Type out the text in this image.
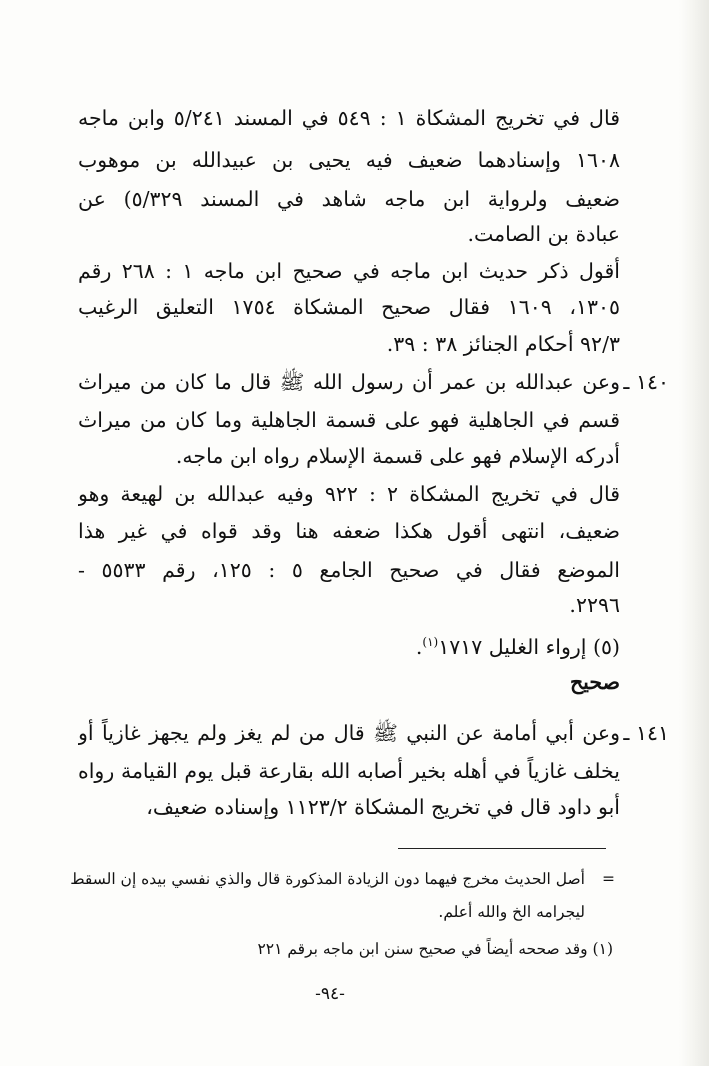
قال في تخريج المشكاة ١ : ٥٤٩ في المسند ٥/٢٤١ وابن ماجه
١٦٠٨ وإسنادهما ضعيف فيه يحيى بن عبيدالله بن موهوب
ضعيف ولرواية ابن ماجه شاهد في المسند ٥/٣٢٩) عن
عبادة بن الصامت.
أقول ذكر حديث ابن ماجه في صحيح ابن ماجه ١ : ٢٦٨ رقم
١٣٠٥، ١٦٠٩ فقال صحيح المشكاة ١٧٥٤ التعليق الرغيب
٩٢/٣ أحكام الجنائز ٣٨ : ٣٩.
١٤٠ ـ
وعن عبدالله بن عمر أن رسول الله ﷺ قال ما كان من ميراث
قسم في الجاهلية فهو على قسمة الجاهلية وما كان من ميراث
أدركه الإسلام فهو على قسمة الإسلام رواه ابن ماجه.
قال في تخريج المشكاة ٢ : ٩٢٢ وفيه عبدالله بن لهيعة وهو
ضعيف، انتهى أقول هكذا ضعفه هنا وقد قواه في غير هذا
الموضع فقال في صحيح الجامع ٥ : ١٢٥، رقم ٥٥٣٣ -
٢٢٩٦.
(٥) إرواء الغليل ١٧١٧$^{(١)}$.
صحيح
١٤١ ـ
وعن أبي أمامة عن النبي ﷺ قال من لم يغز ولم يجهز غازياً أو
يخلف غازياً في أهله بخير أصابه الله بقارعة قبل يوم القيامة رواه
أبو داود قال في تخريج المشكاة ١١٢٣/٢ وإسناده ضعيف،
=
أصل الحديث مخرج فيهما دون الزيادة المذكورة قال والذي نفسي بيده إن السقط
ليجرامه الخ والله أعلم.
(١) وقد صححه أيضاً في صحيح سنن ابن ماجه برقم ٢٢١
-٩٤-
